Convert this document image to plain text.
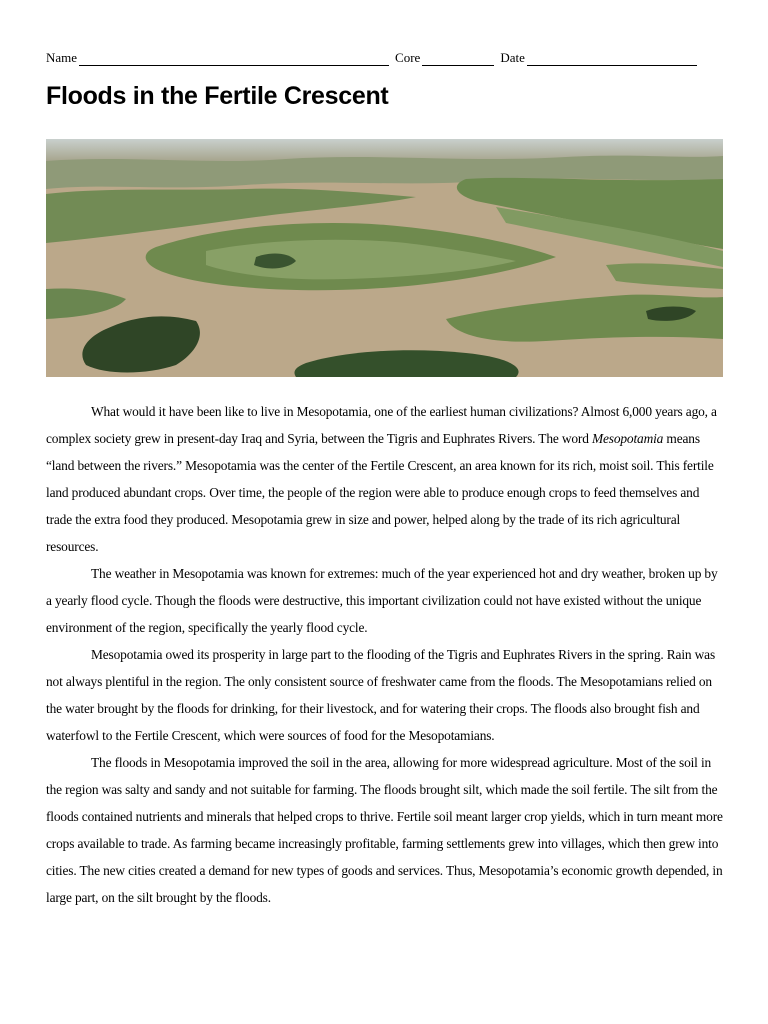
Name	Core	Date
Floods in the Fertile Crescent

What would it have been like to live in Mesopotamia, one of the earliest human civilizations? Almost 6,000 years ago, a complex society grew in present-day Iraq and Syria, between the Tigris and Euphrates Rivers. The word Mesopotamia means “land between the rivers.” Mesopotamia was the center of the Fertile Crescent, an area known for its rich, moist soil. This fertile land produced abundant crops. Over time, the people of the region were able to produce enough crops to feed themselves and trade the extra food they produced. Mesopotamia grew in size and power, helped along by the trade of its rich agricultural resources.

The weather in Mesopotamia was known for extremes: much of the year experienced hot and dry weather, broken up by a yearly flood cycle. Though the floods were destructive, this important civilization could not have existed without the unique environment of the region, specifically the yearly flood cycle.

Mesopotamia owed its prosperity in large part to the flooding of the Tigris and Euphrates Rivers in the spring. Rain was not always plentiful in the region. The only consistent source of freshwater came from the floods. The Mesopotamians relied on the water brought by the floods for drinking, for their livestock, and for watering their crops. The floods also brought fish and waterfowl to the Fertile Crescent, which were sources of food for the Mesopotamians.

The floods in Mesopotamia improved the soil in the area, allowing for more widespread agriculture. Most of the soil in the region was salty and sandy and not suitable for farming. The floods brought silt, which made the soil fertile. The silt from the floods contained nutrients and minerals that helped crops to thrive. Fertile soil meant larger crop yields, which in turn meant more crops available to trade. As farming became increasingly profitable, farming settlements grew into villages, which then grew into cities. The new cities created a demand for new types of goods and services. Thus, Mesopotamia’s economic growth depended, in large part, on the silt brought by the floods.
